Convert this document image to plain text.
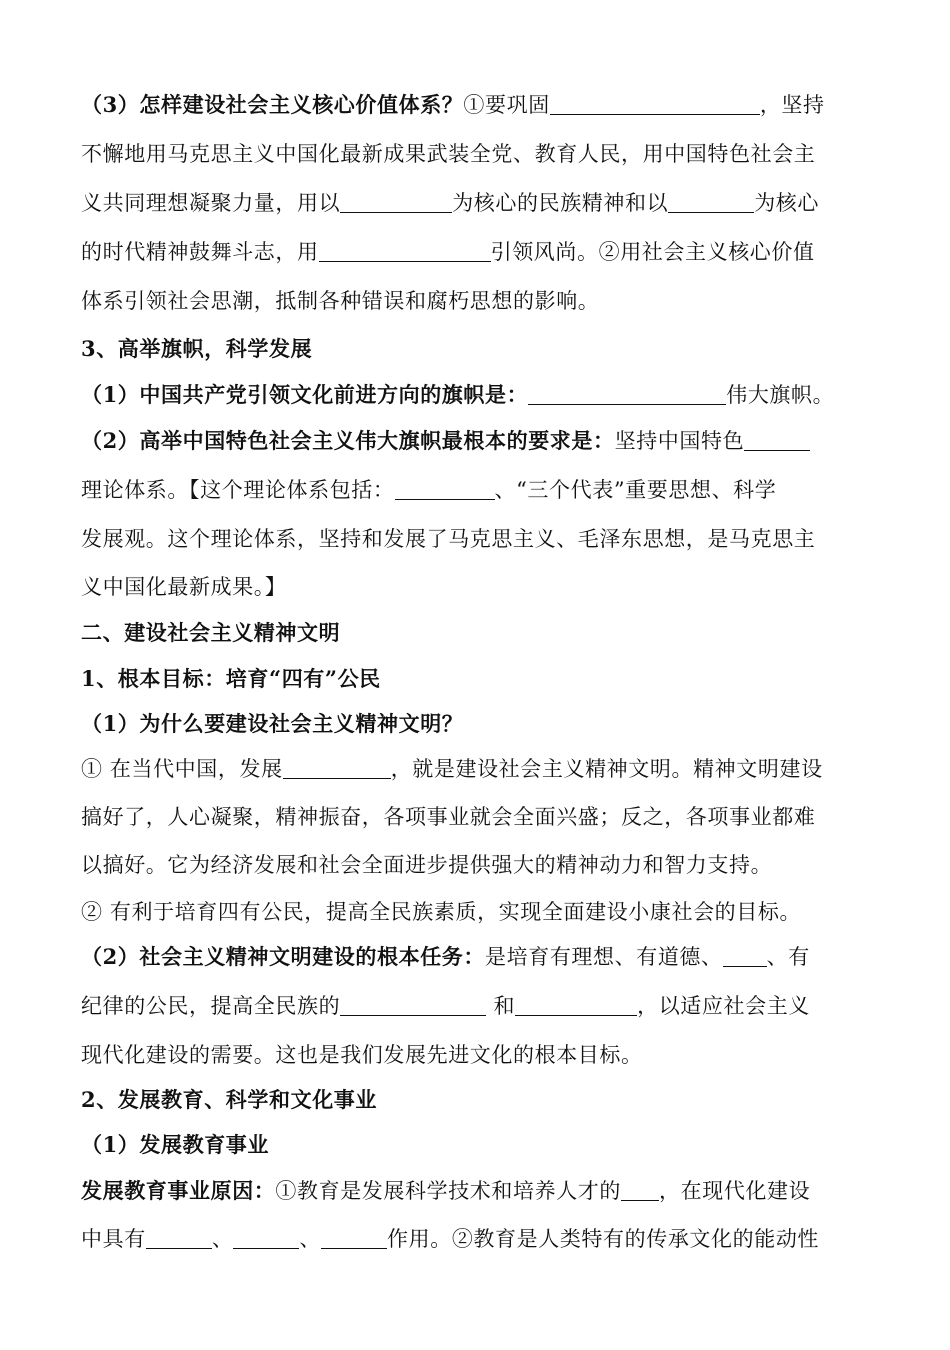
（3）怎样建设社会主义核心价值体系？①要巩固	，坚持
不懈地用马克思主义中国化最新成果武装全党、教育人民，用中国特色社会主
义共同理想凝聚力量，用以	为核心的民族精神和以	为核心
的时代精神鼓舞斗志，用	引领风尚。②用社会主义核心价值
体系引领社会思潮，抵制各种错误和腐朽思想的影响。
3、高举旗帜，科学发展
（1）中国共产党引领文化前进方向的旗帜是：	伟大旗帜。
（2）高举中国特色社会主义伟大旗帜最根本的要求是：坚持中国特色
理论体系。【这个理论体系包括：	、“三个代表”重要思想、科学
发展观。这个理论体系，坚持和发展了马克思主义、毛泽东思想，是马克思主
义中国化最新成果。】
二、建设社会主义精神文明
1、根本目标：培育“四有”公民
（1）为什么要建设社会主义精神文明？
① 在当代中国，发展	，就是建设社会主义精神文明。精神文明建设
搞好了，人心凝聚，精神振奋，各项事业就会全面兴盛；反之，各项事业都难
以搞好。它为经济发展和社会全面进步提供强大的精神动力和智力支持。
② 有利于培育四有公民，提高全民族素质，实现全面建设小康社会的目标。
（2）社会主义精神文明建设的根本任务：是培育有理想、有道德、 、有
纪律的公民，提高全民族的	和	，以适应社会主义
现代化建设的需要。这也是我们发展先进文化的根本目标。
2、发展教育、科学和文化事业
（1）发展教育事业
发展教育事业原因：①教育是发展科学技术和培养人才的 ，在现代化建设
中具有	、	、	作用。②教育是人类特有的传承文化的能动性
